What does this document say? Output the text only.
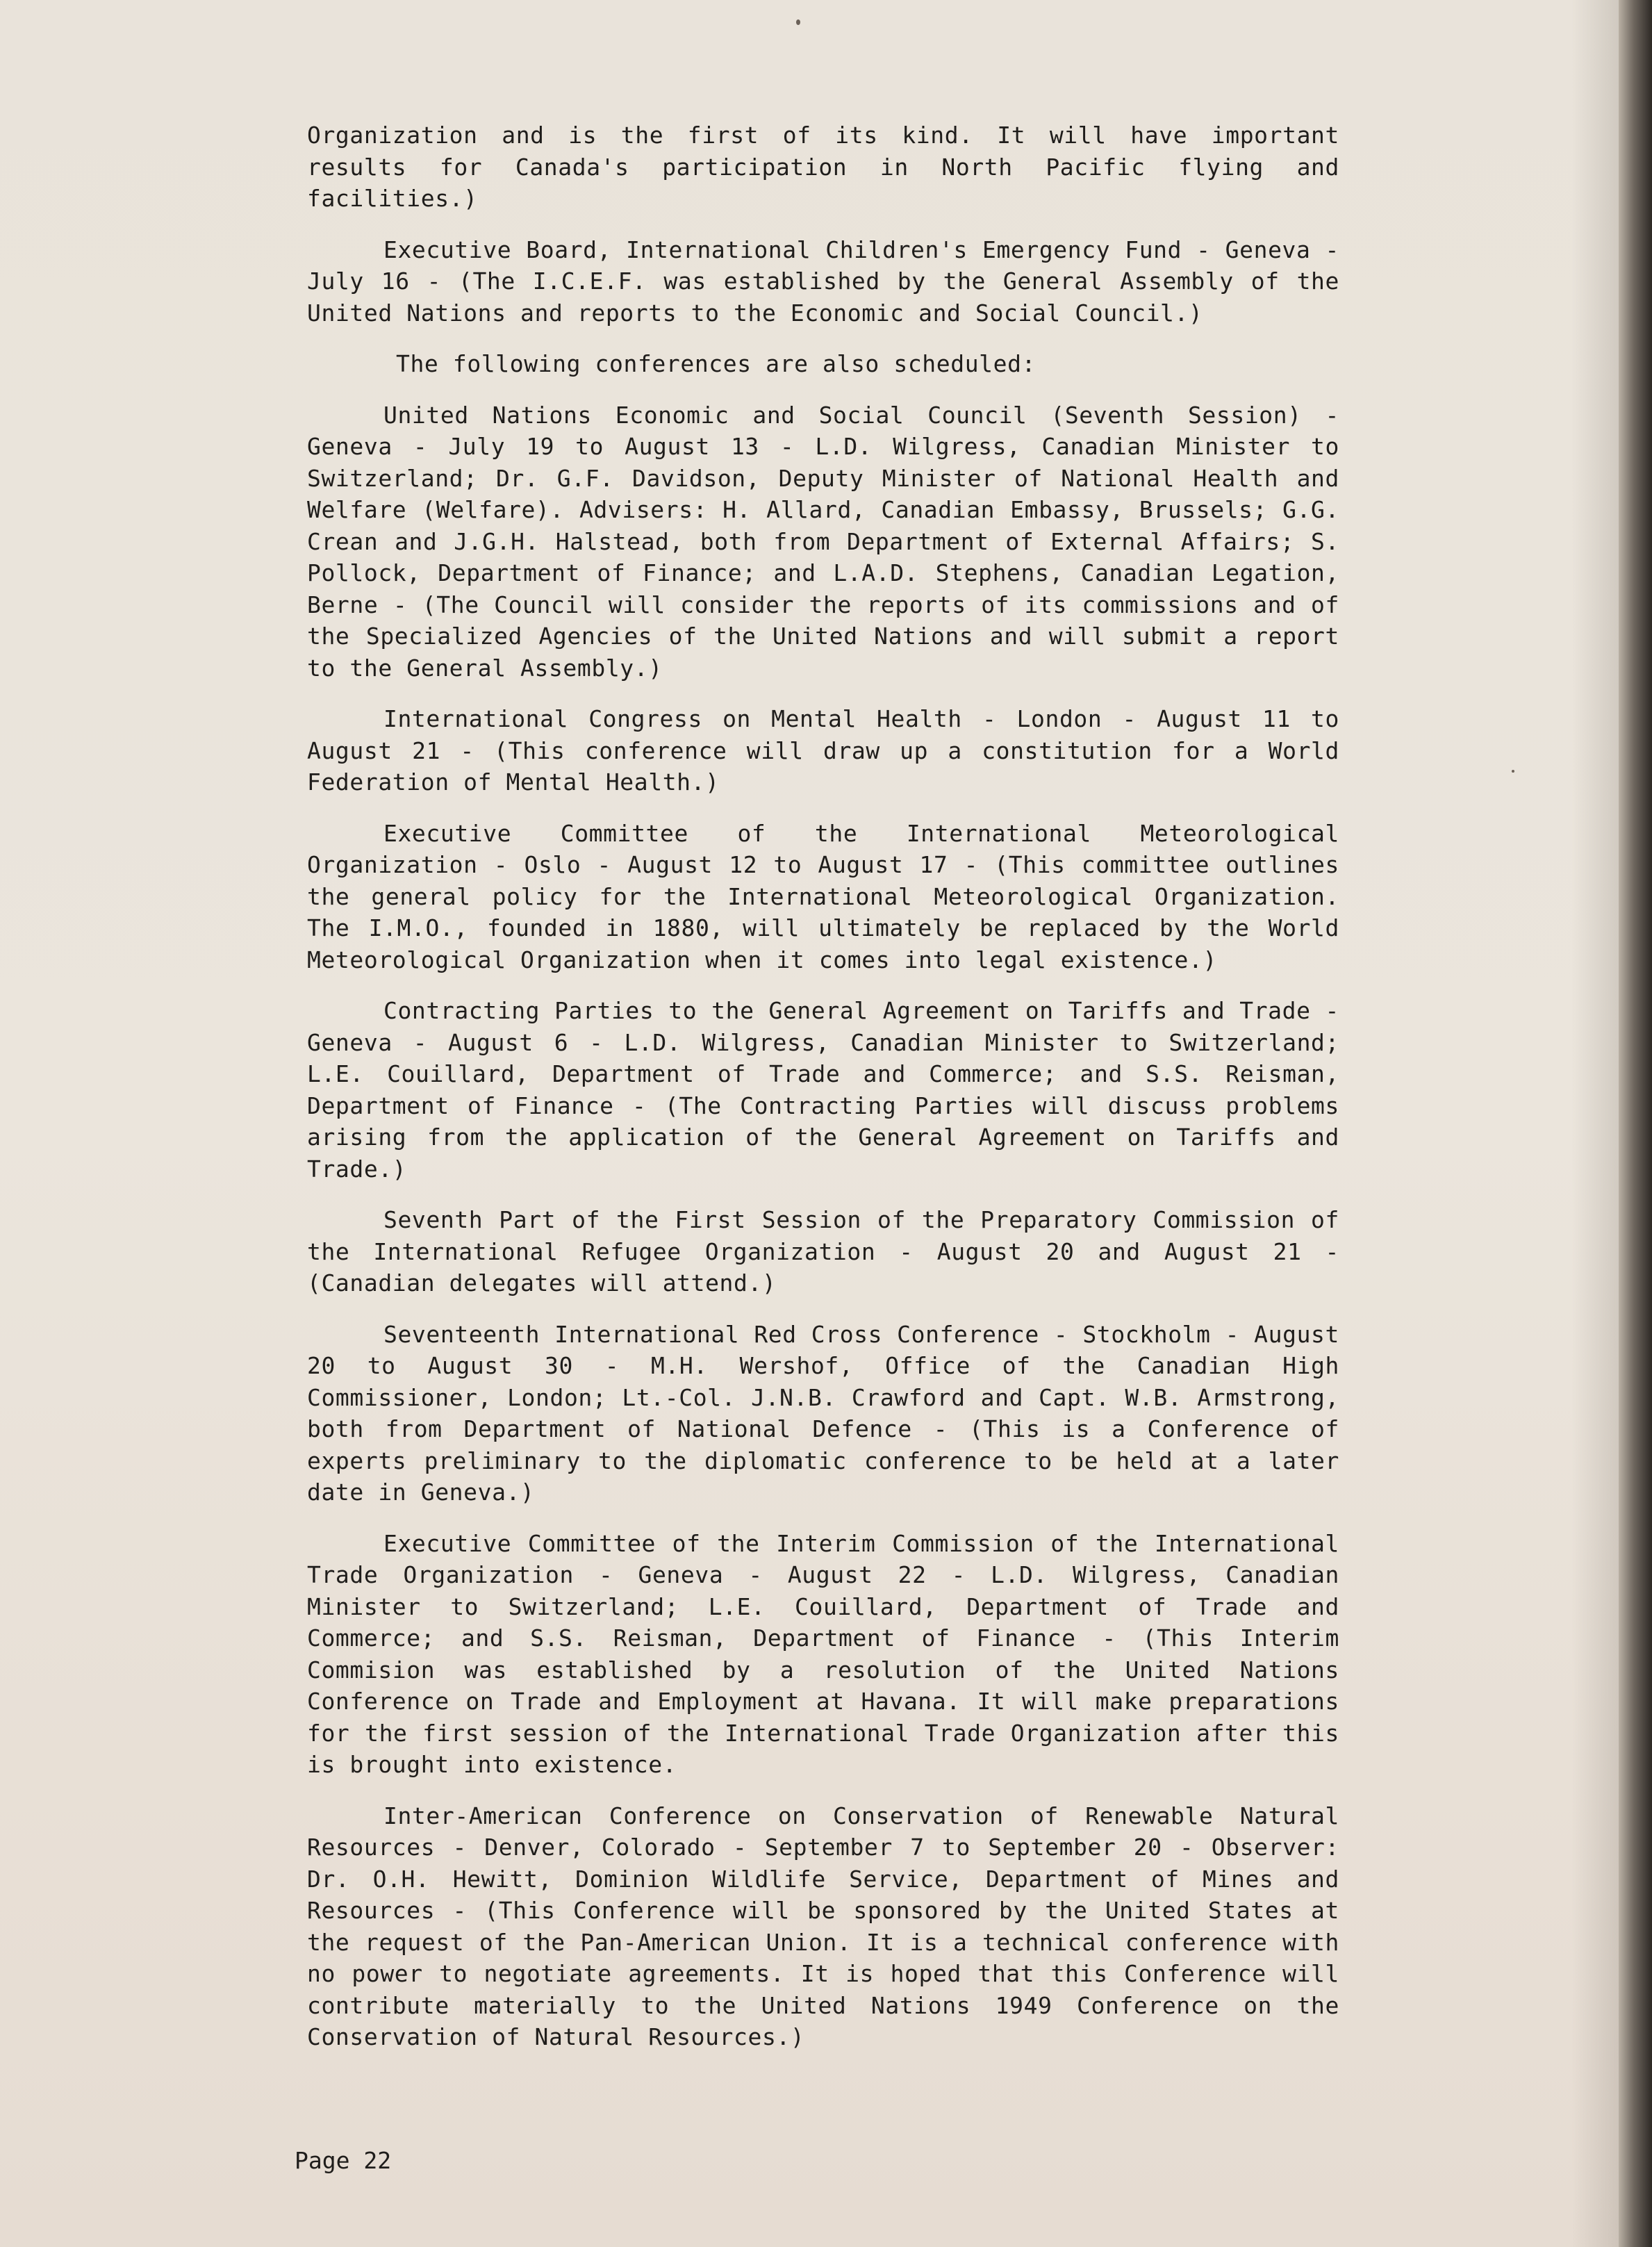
Organization and is the first of its kind. It will have important results for Canada's participation in North Pacific flying and facilities.)

Executive Board, International Children's Emergency Fund - Geneva - July 16 - (The I.C.E.F. was established by the General Assembly of the United Nations and reports to the Economic and Social Council.)

The following conferences are also scheduled:

United Nations Economic and Social Council (Seventh Session) - Geneva - July 19 to August 13 - L.D. Wilgress, Canadian Minister to Switzerland; Dr. G.F. Davidson, Deputy Minister of National Health and Welfare (Welfare). Advisers: H. Allard, Canadian Embassy, Brussels; G.G. Crean and J.G.H. Halstead, both from Department of External Affairs; S. Pollock, Department of Finance; and L.A.D. Stephens, Canadian Legation, Berne - (The Council will consider the reports of its commissions and of the Specialized Agencies of the United Nations and will submit a report to the General Assembly.)

International Congress on Mental Health - London - August 11 to August 21 - (This conference will draw up a constitution for a World Federation of Mental Health.)

Executive Committee of the International Meteorological Organization - Oslo - August 12 to August 17 - (This committee outlines the general policy for the International Meteorological Organization. The I.M.O., founded in 1880, will ultimately be replaced by the World Meteorological Organization when it comes into legal existence.)

Contracting Parties to the General Agreement on Tariffs and Trade - Geneva - August 6 - L.D. Wilgress, Canadian Minister to Switzerland; L.E. Couillard, Department of Trade and Commerce; and S.S. Reisman, Department of Finance - (The Contracting Parties will discuss problems arising from the application of the General Agreement on Tariffs and Trade.)

Seventh Part of the First Session of the Preparatory Commission of the International Refugee Organization - August 20 and August 21 - (Canadian delegates will attend.)

Seventeenth International Red Cross Conference - Stockholm - August 20 to August 30 - M.H. Wershof, Office of the Canadian High Commissioner, London; Lt.-Col. J.N.B. Crawford and Capt. W.B. Armstrong, both from Department of National Defence - (This is a Conference of experts preliminary to the diplomatic conference to be held at a later date in Geneva.)

Executive Committee of the Interim Commission of the International Trade Organization - Geneva - August 22 - L.D. Wilgress, Canadian Minister to Switzerland; L.E. Couillard, Department of Trade and Commerce; and S.S. Reisman, Department of Finance - (This Interim Commision was established by a resolution of the United Nations Conference on Trade and Employment at Havana. It will make preparations for the first session of the International Trade Organization after this is brought into existence.

Inter-American Conference on Conservation of Renewable Natural Resources - Denver, Colorado - September 7 to September 20 - Observer: Dr. O.H. Hewitt, Dominion Wildlife Service, Department of Mines and Resources - (This Conference will be sponsored by the United States at the request of the Pan-American Union. It is a technical conference with no power to negotiate agreements. It is hoped that this Conference will contribute materially to the United Nations 1949 Conference on the Conservation of Natural Resources.)

Page 22
